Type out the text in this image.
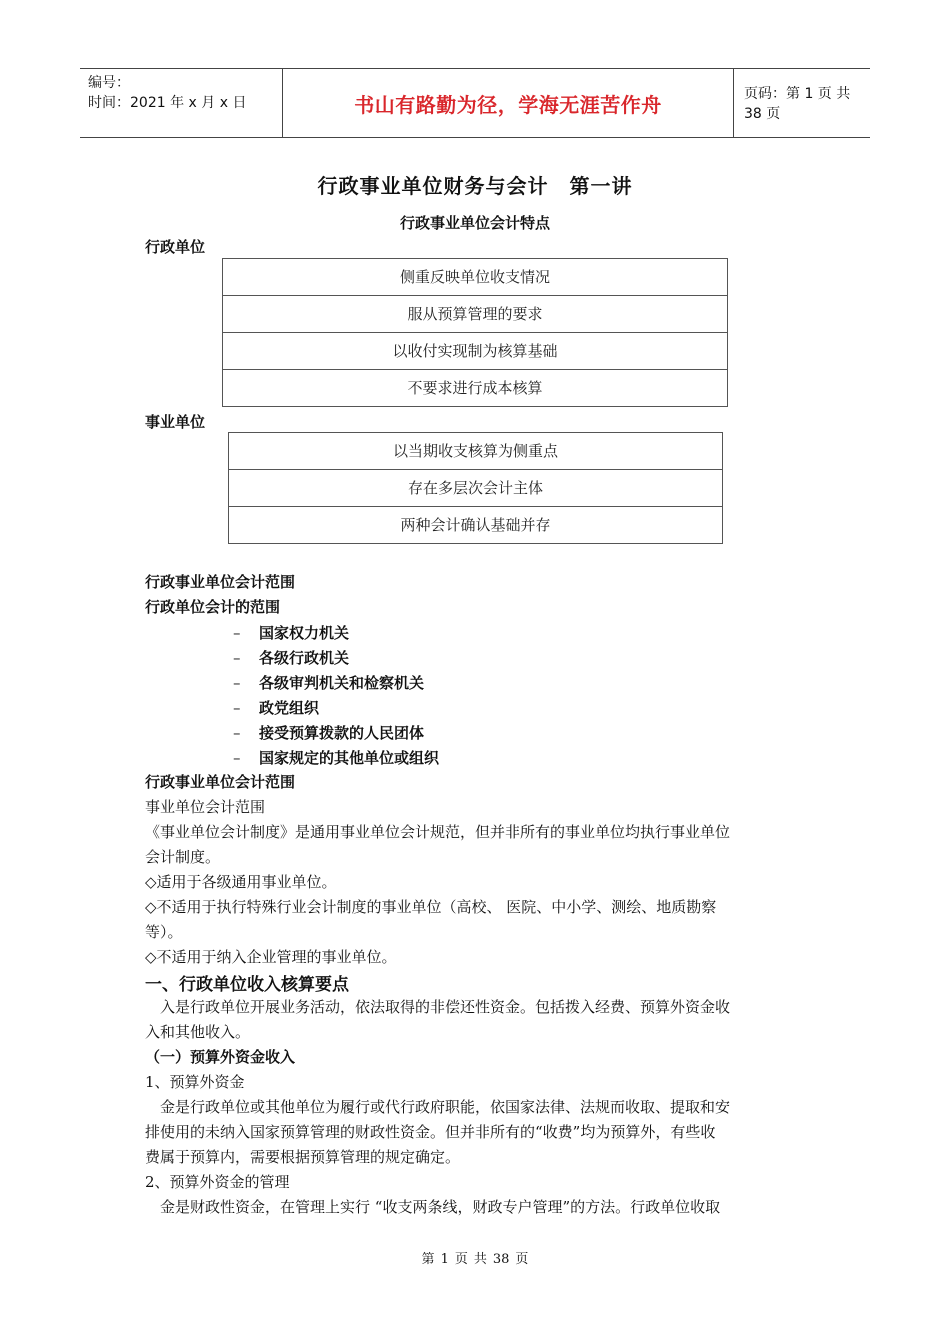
编号：
时间：2021 年 x 月 x 日	书山有路勤为径，学海无涯苦作舟	页码：第 1 页 共 38 页
行政事业单位财务与会计　第一讲
行政事业单位会计特点
行政单位
侧重反映单位收支情况
服从预算管理的要求
以收付实现制为核算基础
不要求进行成本核算
事业单位
以当期收支核算为侧重点
存在多层次会计主体
两种会计确认基础并存
行政事业单位会计范围
行政单位会计的范围
– 国家权力机关
– 各级行政机关
– 各级审判机关和检察机关
– 政党组织
– 接受预算拨款的人民团体
– 国家规定的其他单位或组织
行政事业单位会计范围
事业单位会计范围
《事业单位会计制度》是通用事业单位会计规范，但并非所有的事业单位均执行事业单位
会计制度。
◇适用于各级通用事业单位。
◇不适用于执行特殊行业会计制度的事业单位（高校、 医院、中小学、测绘、地质勘察
等）。
◇不适用于纳入企业管理的事业单位。
一、行政单位收入核算要点
　入是行政单位开展业务活动，依法取得的非偿还性资金。包括拨入经费、预算外资金收
入和其他收入。
（一）预算外资金收入
1、预算外资金
　金是行政单位或其他单位为履行或代行政府职能，依国家法律、法规而收取、提取和安
排使用的未纳入国家预算管理的财政性资金。但并非所有的“收费”均为预算外，有些收
费属于预算内，需要根据预算管理的规定确定。
2、预算外资金的管理
　金是财政性资金，在管理上实行 “收支两条线，财政专户管理”的方法。行政单位收取
第 1 页 共 38 页
